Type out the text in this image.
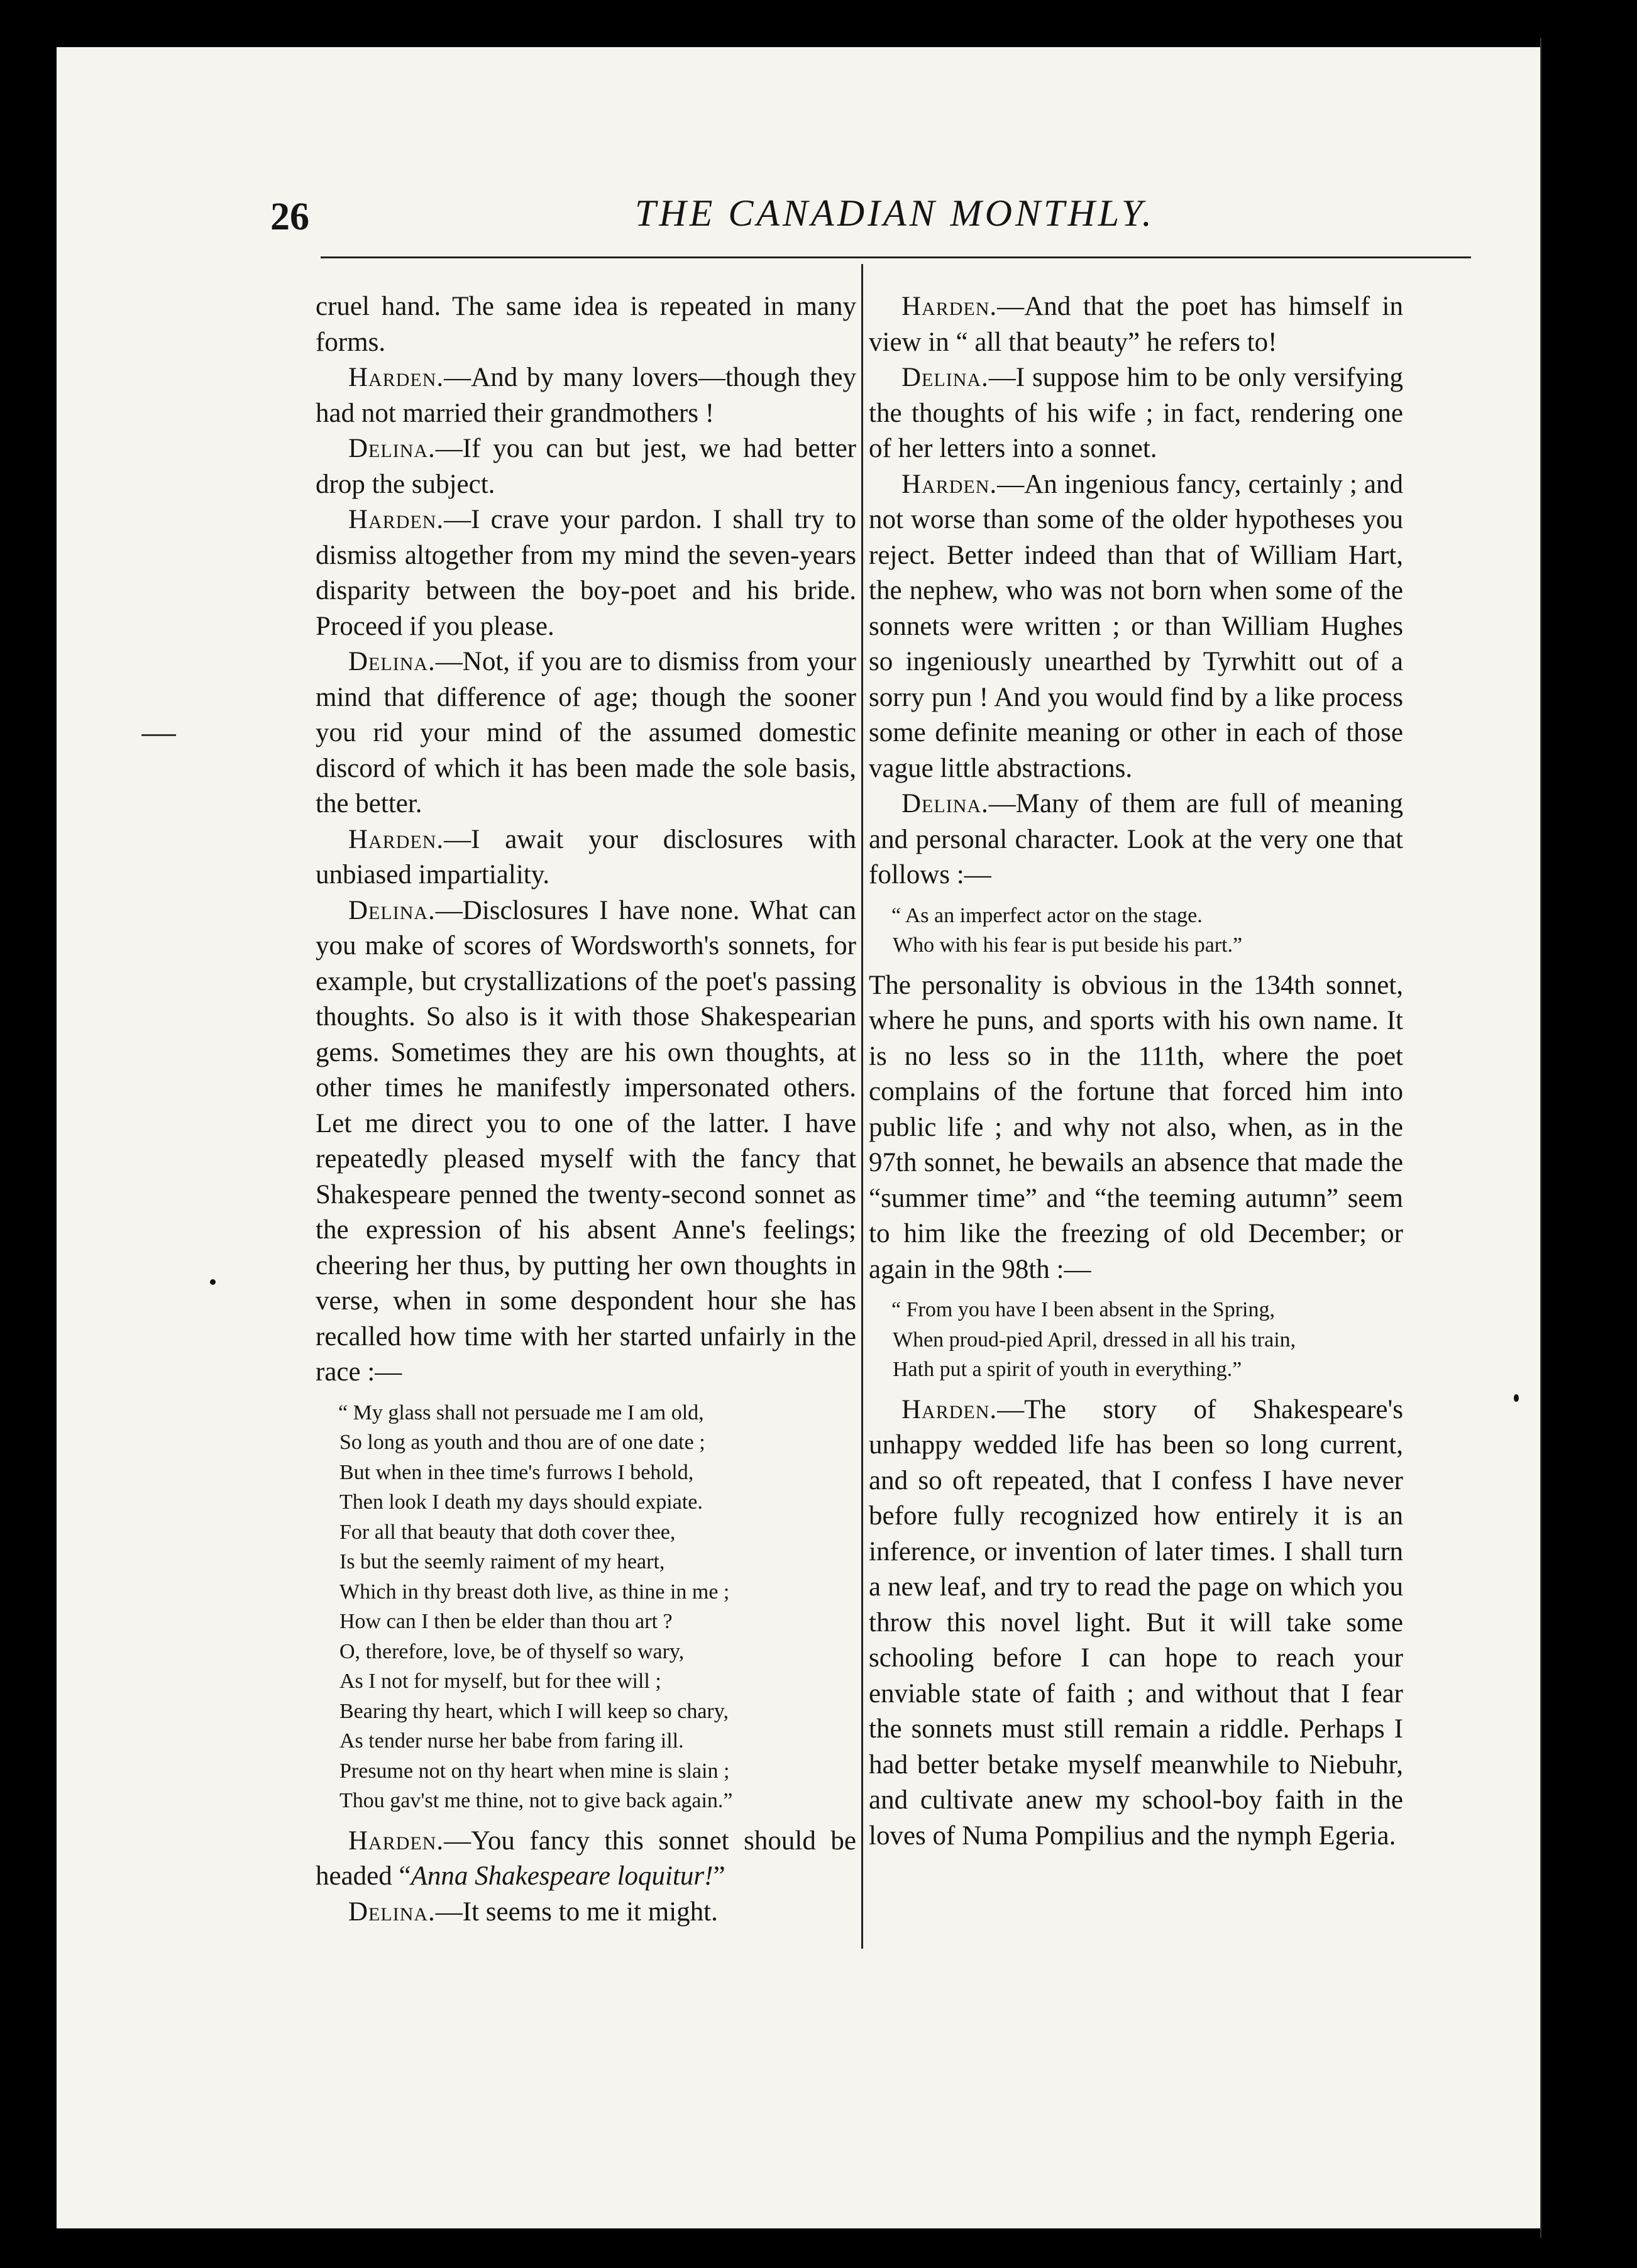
26	THE CANADIAN MONTHLY.

cruel hand. The same idea is repeated in many forms.

Harden.—And by many lovers—though they had not married their grandmothers !

Delina.—If you can but jest, we had better drop the subject.

Harden.—I crave your pardon. I shall try to dismiss altogether from my mind the seven-years disparity between the boy-poet and his bride. Proceed if you please.

Delina.—Not, if you are to dismiss from your mind that difference of age; though the sooner you rid your mind of the assumed domestic discord of which it has been made the sole basis, the better.

Harden.—I await your disclosures with unbiased impartiality.

Delina.—Disclosures I have none. What can you make of scores of Wordsworth's sonnets, for example, but crystallizations of the poet's passing thoughts. So also is it with those Shakespearian gems. Sometimes they are his own thoughts, at other times he manifestly impersonated others. Let me direct you to one of the latter. I have repeatedly pleased myself with the fancy that Shakespeare penned the twenty-second sonnet as the expression of his absent Anne's feelings; cheering her thus, by putting her own thoughts in verse, when in some despondent hour she has recalled how time with her started unfairly in the race :—

“ My glass shall not persuade me I am old,
So long as youth and thou are of one date ;
But when in thee time's furrows I behold,
Then look I death my days should expiate.
For all that beauty that doth cover thee,
Is but the seemly raiment of my heart,
Which in thy breast doth live, as thine in me ;
How can I then be elder than thou art ?
O, therefore, love, be of thyself so wary,
As I not for myself, but for thee will ;
Bearing thy heart, which I will keep so chary,
As tender nurse her babe from faring ill.
Presume not on thy heart when mine is slain ;
Thou gav'st me thine, not to give back again.”

Harden.—You fancy this sonnet should be headed “Anna Shakespeare loquitur!”

Delina.—It seems to me it might.

Harden.—And that the poet has himself in view in “ all that beauty” he refers to!

Delina.—I suppose him to be only versifying the thoughts of his wife ; in fact, rendering one of her letters into a sonnet.

Harden.—An ingenious fancy, certainly ; and not worse than some of the older hypotheses you reject. Better indeed than that of William Hart, the nephew, who was not born when some of the sonnets were written ; or than William Hughes so ingeniously unearthed by Tyrwhitt out of a sorry pun ! And you would find by a like process some definite meaning or other in each of those vague little abstractions.

Delina.—Many of them are full of meaning and personal character. Look at the very one that follows :—

“ As an imperfect actor on the stage.
Who with his fear is put beside his part.”

The personality is obvious in the 134th sonnet, where he puns, and sports with his own name. It is no less so in the 111th, where the poet complains of the fortune that forced him into public life ; and why not also, when, as in the 97th sonnet, he bewails an absence that made the “summer time” and “the teeming autumn” seem to him like the freezing of old December; or again in the 98th :—

“ From you have I been absent in the Spring,
When proud-pied April, dressed in all his train,
Hath put a spirit of youth in everything.”

Harden.—The story of Shakespeare's unhappy wedded life has been so long current, and so oft repeated, that I confess I have never before fully recognized how entirely it is an inference, or invention of later times. I shall turn a new leaf, and try to read the page on which you throw this novel light. But it will take some schooling before I can hope to reach your enviable state of faith ; and without that I fear the sonnets must still remain a riddle. Perhaps I had better betake myself meanwhile to Niebuhr, and cultivate anew my school-boy faith in the loves of Numa Pompilius and the nymph Egeria.
